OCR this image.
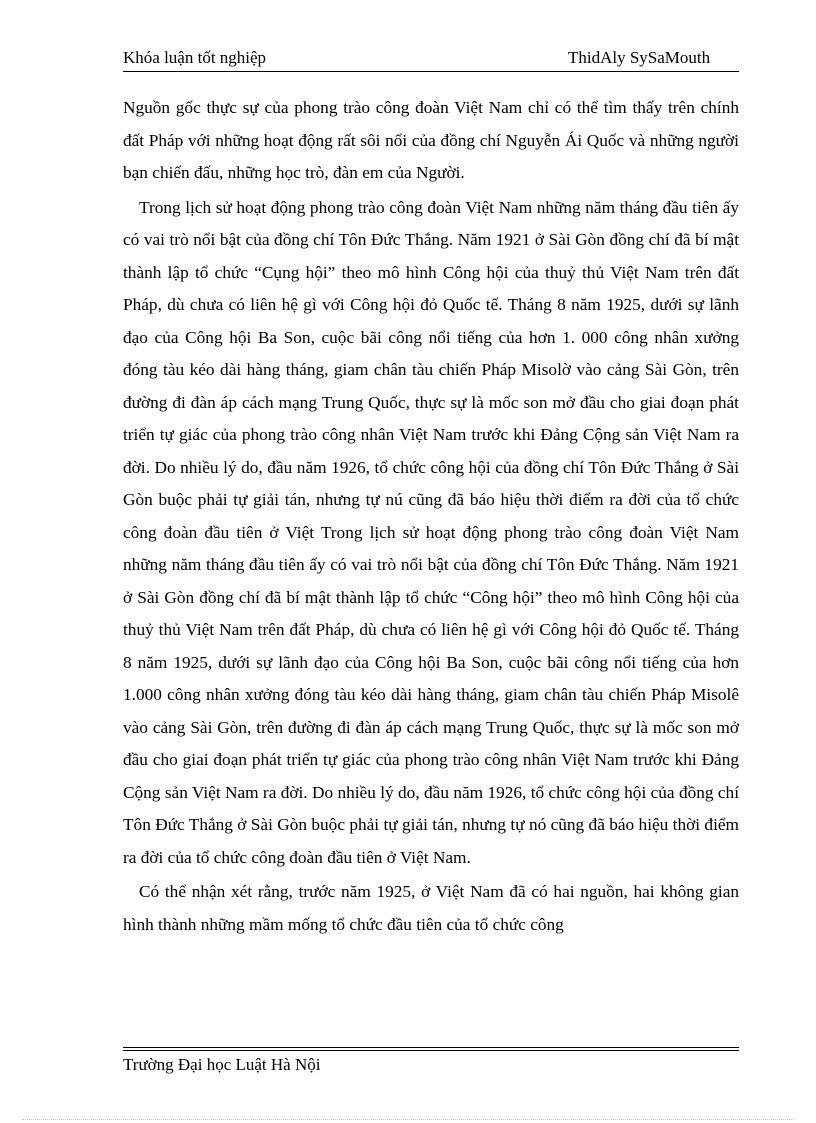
Khóa luận tốt nghiệp	ThidAly SySaMouth

Nguồn gốc thực sự của phong trào công đoàn Việt Nam chỉ có thể tìm thấy trên chính đất Pháp với những hoạt động rất sôi nổi của đồng chí Nguyễn Ái Quốc và những người bạn chiến đấu, những học trò, đàn em của Người.

Trong lịch sử hoạt động phong trào công đoàn Việt Nam những năm tháng đầu tiên ấy có vai trò nổi bật của đồng chí Tôn Đức Thắng. Năm 1921 ở Sài Gòn đồng chí đã bí mật thành lập tổ chức “Cụng hội” theo mô hình Công hội của thuỷ thủ Việt Nam trên đất Pháp, dù chưa có liên hệ gì với Công hội đỏ Quốc tế. Tháng 8 năm 1925, dưới sự lãnh đạo của Công hội Ba Son, cuộc bãi công nổi tiếng của hơn 1. 000 công nhân xưởng đóng tàu kéo dài hàng tháng, giam chân tàu chiến Pháp Misolờ vào cảng Sài Gòn, trên đường đi đàn áp cách mạng Trung Quốc, thực sự là mốc son mở đầu cho giai đoạn phát triển tự giác của phong trào công nhân Việt Nam trước khi Đảng Cộng sản Việt Nam ra đời. Do nhiều lý do, đầu năm 1926, tổ chức công hội của đồng chí Tôn Đức Thắng ở Sài Gòn buộc phải tự giải tán, nhưng tự nú cũng đã báo hiệu thời điểm ra đời của tổ chức công đoàn đầu tiên ở Việt Trong lịch sử hoạt động phong trào công đoàn Việt Nam những năm tháng đầu tiên ấy có vai trò nổi bật của đồng chí Tôn Đức Thắng. Năm 1921 ở Sài Gòn đồng chí đã bí mật thành lập tổ chức “Công hội” theo mô hình Công hội của thuỷ thủ Việt Nam trên đất Pháp, dù chưa có liên hệ gì với Công hội đỏ Quốc tế. Tháng 8 năm 1925, dưới sự lãnh đạo của Công hội Ba Son, cuộc bãi công nổi tiếng của hơn 1.000 công nhân xưởng đóng tàu kéo dài hàng tháng, giam chân tàu chiến Pháp Misolê vào cảng Sài Gòn, trên đường đi đàn áp cách mạng Trung Quốc, thực sự là mốc son mở đầu cho giai đoạn phát triển tự giác của phong trào công nhân Việt Nam trước khi Đảng Cộng sản Việt Nam ra đời. Do nhiều lý do, đầu năm 1926, tổ chức công hội của đồng chí Tôn Đức Thắng ở Sài Gòn buộc phải tự giải tán, nhưng tự nó cũng đã báo hiệu thời điểm ra đời của tổ chức công đoàn đầu tiên ở Việt Nam.

Có thể nhận xét rằng, trước năm 1925, ở Việt Nam đã có hai nguồn, hai không gian hình thành những mầm mống tổ chức đầu tiên của tổ chức công

Trường Đại học Luật Hà Nội
